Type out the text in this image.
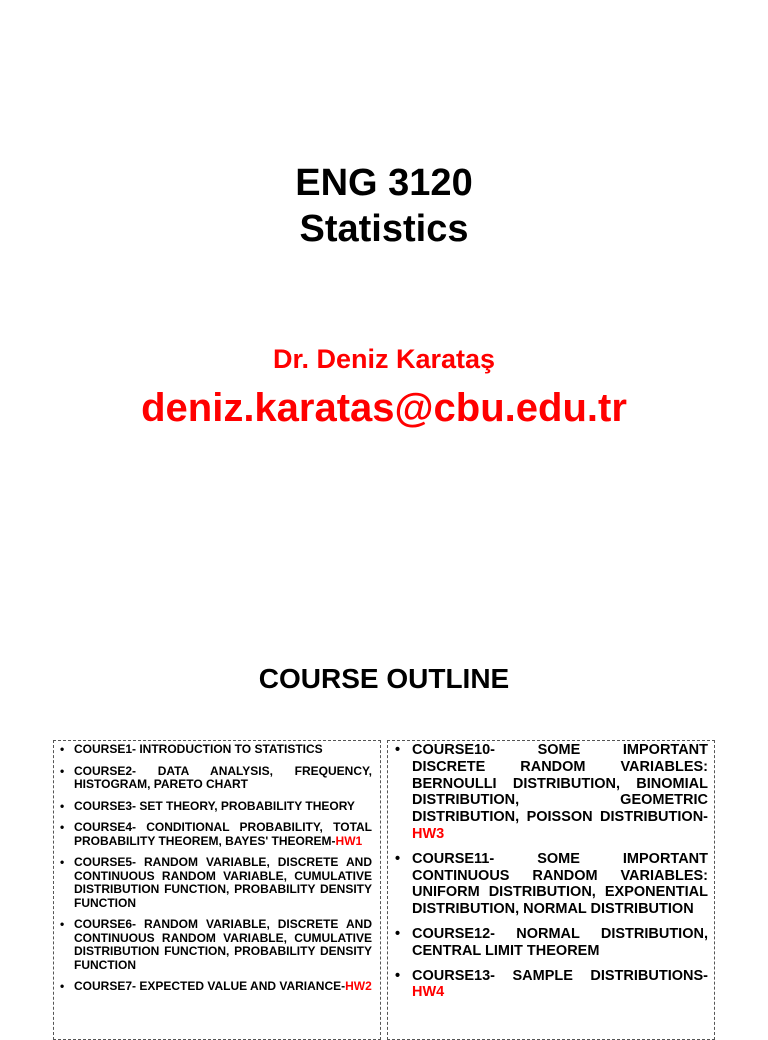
ENG 3120
Statistics
Dr. Deniz Karataş
deniz.karatas@cbu.edu.tr
COURSE OUTLINE
• COURSE1- INTRODUCTION TO STATISTICS
• COURSE2- DATA ANALYSIS, FREQUENCY, HISTOGRAM, PARETO CHART
• COURSE3- SET THEORY, PROBABILITY THEORY
• COURSE4- CONDITIONAL PROBABILITY, TOTAL PROBABILITY THEOREM, BAYES' THEOREM-HW1
• COURSE5- RANDOM VARIABLE, DISCRETE AND CONTINUOUS RANDOM VARIABLE, CUMULATIVE DISTRIBUTION FUNCTION, PROBABILITY DENSITY FUNCTION
• COURSE6- RANDOM VARIABLE, DISCRETE AND CONTINUOUS RANDOM VARIABLE, CUMULATIVE DISTRIBUTION FUNCTION, PROBABILITY DENSITY FUNCTION
• COURSE7- EXPECTED VALUE AND VARIANCE-HW2
• COURSE10- SOME IMPORTANT DISCRETE RANDOM VARIABLES: BERNOULLI DISTRIBUTION, BINOMIAL DISTRIBUTION, GEOMETRIC DISTRIBUTION, POISSON DISTRIBUTION-HW3
• COURSE11- SOME IMPORTANT CONTINUOUS RANDOM VARIABLES: UNIFORM DISTRIBUTION, EXPONENTIAL DISTRIBUTION, NORMAL DISTRIBUTION
• COURSE12- NORMAL DISTRIBUTION, CENTRAL LIMIT THEOREM
• COURSE13- SAMPLE DISTRIBUTIONS-HW4
